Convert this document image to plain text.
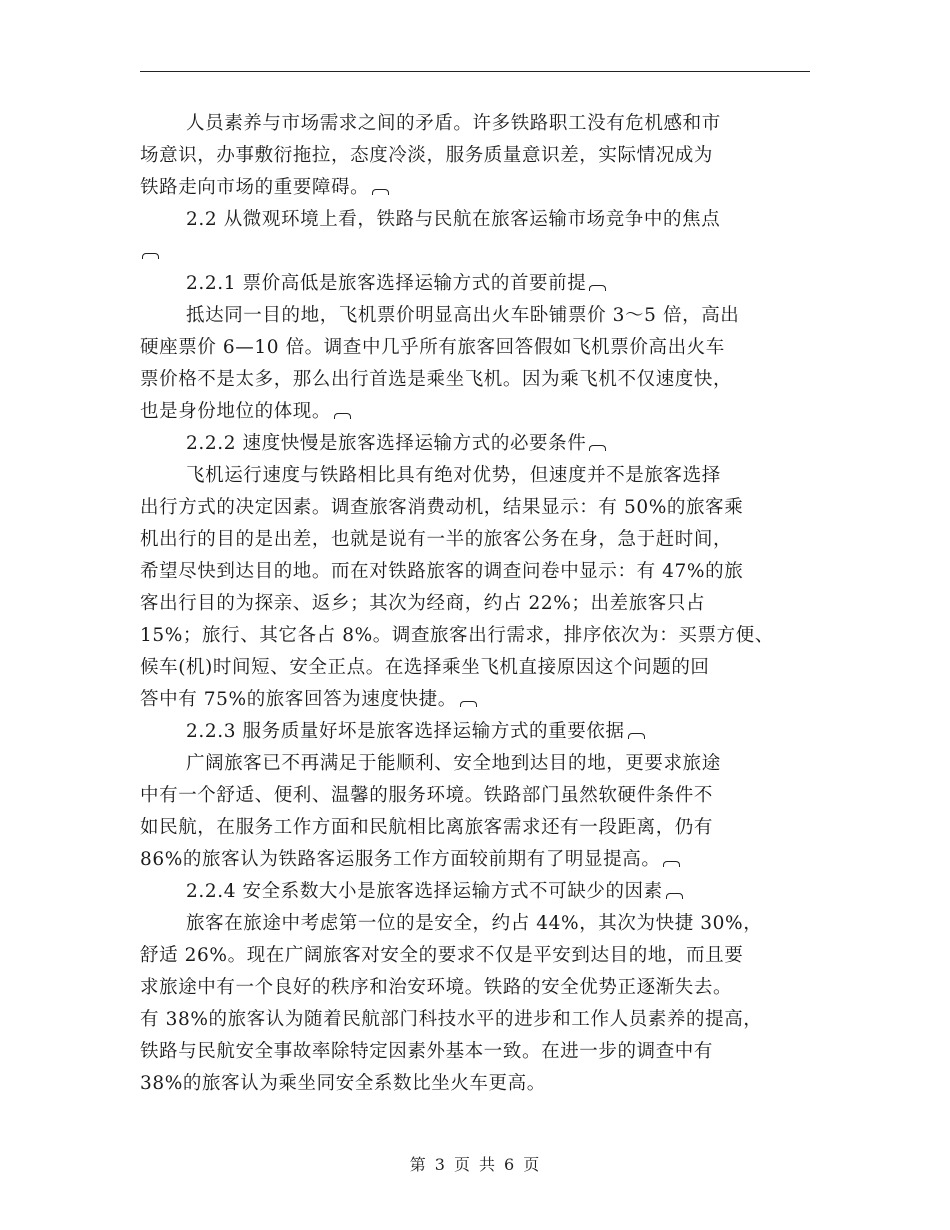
人员素养与市场需求之间的矛盾。许多铁路职工没有危机感和市
场意识，办事敷衍拖拉，态度冷淡，服务质量意识差，实际情况成为
铁路走向市场的重要障碍。
2.2 从微观环境上看，铁路与民航在旅客运输市场竞争中的焦点
2.2.1 票价高低是旅客选择运输方式的首要前提
抵达同一目的地，飞机票价明显高出火车卧铺票价 3～5 倍，高出
硬座票价 6—10 倍。调查中几乎所有旅客回答假如飞机票价高出火车
票价格不是太多，那么出行首选是乘坐飞机。因为乘飞机不仅速度快，
也是身份地位的体现。
2.2.2 速度快慢是旅客选择运输方式的必要条件
飞机运行速度与铁路相比具有绝对优势，但速度并不是旅客选择
出行方式的决定因素。调查旅客消费动机，结果显示：有 50%的旅客乘
机出行的目的是出差，也就是说有一半的旅客公务在身，急于赶时间，
希望尽快到达目的地。而在对铁路旅客的调查问卷中显示：有 47%的旅
客出行目的为探亲、返乡；其次为经商，约占 22%；出差旅客只占
15%；旅行、其它各占 8%。调查旅客出行需求，排序依次为：买票方便、
候车(机)时间短、安全正点。在选择乘坐飞机直接原因这个问题的回
答中有 75%的旅客回答为速度快捷。
2.2.3 服务质量好坏是旅客选择运输方式的重要依据
广阔旅客已不再满足于能顺利、安全地到达目的地，更要求旅途
中有一个舒适、便利、温馨的服务环境。铁路部门虽然软硬件条件不
如民航，在服务工作方面和民航相比离旅客需求还有一段距离，仍有
86%的旅客认为铁路客运服务工作方面较前期有了明显提高。
2.2.4 安全系数大小是旅客选择运输方式不可缺少的因素
旅客在旅途中考虑第一位的是安全，约占 44%，其次为快捷 30%，
舒适 26%。现在广阔旅客对安全的要求不仅是平安到达目的地，而且要
求旅途中有一个良好的秩序和治安环境。铁路的安全优势正逐渐失去。
有 38%的旅客认为随着民航部门科技水平的进步和工作人员素养的提高，
铁路与民航安全事故率除特定因素外基本一致。在进一步的调查中有
38%的旅客认为乘坐同安全系数比坐火车更高。
第 3 页 共 6 页
